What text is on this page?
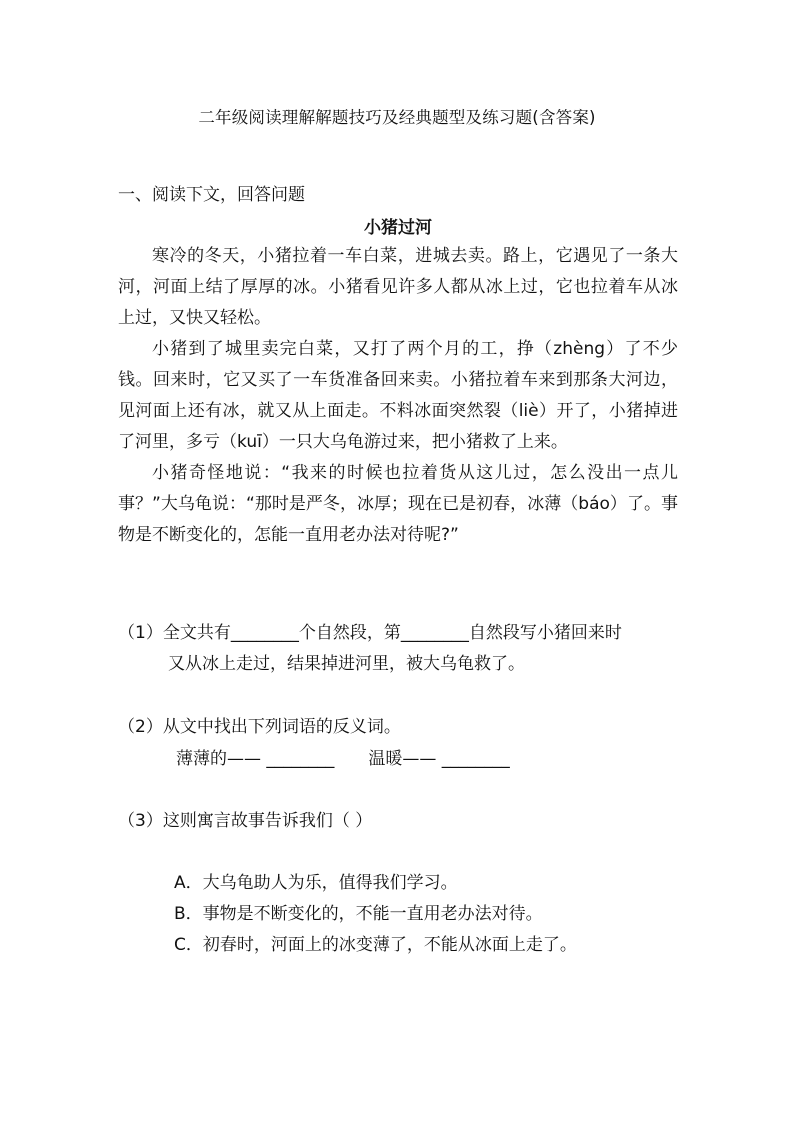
二年级阅读理解解题技巧及经典题型及练习题(含答案)
一、阅读下文，回答问题
小猪过河

寒冷的冬天，小猪拉着一车白菜，进城去卖。路上，它遇见了一条大河，河面上结了厚厚的冰。小猪看见许多人都从冰上过，它也拉着车从冰上过，又快又轻松。

小猪到了城里卖完白菜，又打了两个月的工，挣（zhèng）了不少钱。回来时，它又买了一车货准备回来卖。小猪拉着车来到那条大河边，见河面上还有冰，就又从上面走。不料冰面突然裂（liè）开了，小猪掉进了河里，多亏（kuī）一只大乌龟游过来，把小猪救了上来。

小猪奇怪地说：“我来的时候也拉着货从这儿过，怎么没出一点儿事？”大乌龟说：“那时是严冬，冰厚；现在已是初春，冰薄（báo）了。事物是不断变化的，怎能一直用老办法对待呢?”

（1）全文共有________个自然段，第________自然段写小猪回来时
又从冰上走过，结果掉进河里，被大乌龟救了。
（2）从文中找出下列词语的反义词。
薄薄的—— ________ 温暖—— ________
（3）这则寓言故事告诉我们（ ）
A．大乌龟助人为乐，值得我们学习。
B．事物是不断变化的，不能一直用老办法对待。
C．初春时，河面上的冰变薄了，不能从冰面上走了。
